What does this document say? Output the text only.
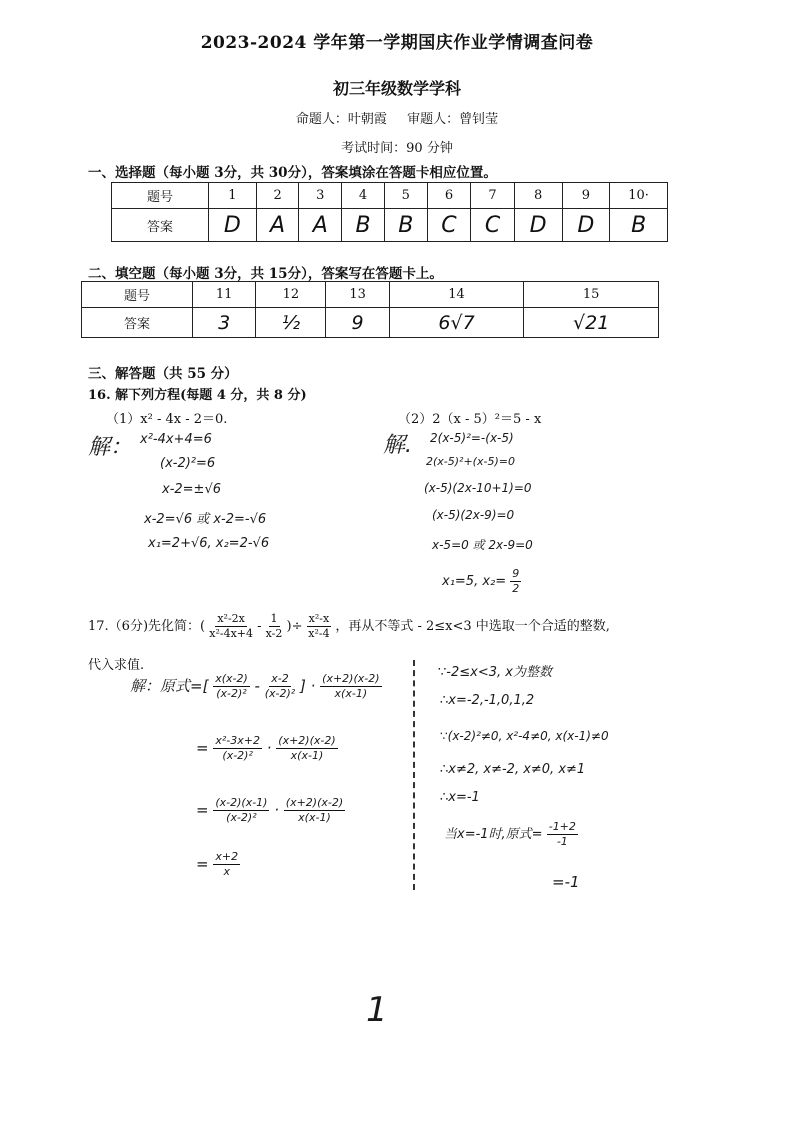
2023-2024 学年第一学期国庆作业学情调查问卷
初三年级数学学科
命题人：叶朝霞 审题人：曾钊莹
考试时间：90 分钟
一、选择题（每小题 3分，共 30分），答案填涂在答题卡相应位置。
题号	1	2	3	4	5	6	7	8	9	10·
答案	D	A	A	B	B	C	C	D	D	B
二、填空题（每小题 3分，共 15分），答案写在答题卡上。
题号	11	12	13	14	15
答案	3	½	9	6√7	√21
三、解答题（共 55 分）
16. 解下列方程(每题 4 分，共 8 分)
（1）x² - 4x - 2＝0.	（2）2（x - 5）²＝5 - x
解： x²-4x+4=6
(x-2)²=6
x-2=±√6
x-2=√6 或 x-2=-√6
x₁=2+√6, x₂=2-√6
解. 2(x-5)²=-(x-5)
2(x-5)²+(x-5)=0
(x-5)(2x-10+1)=0
(x-5)(2x-9)=0
x-5=0 或 2x-9=0
x₁=5, $x_2= \frac{9}{2}$
17.（6分)先化简：( $\frac{\text{x²-2x}}{\text{x²-4x+4}} - \frac{1}{x-2}$ )÷ $\frac{\text{x²-x}}{\text{x²-4}}$ ，再从不等式 - 2≤x<3 中选取一个合适的整数,
代入求值.
解：原式=[ $\frac{x(x-2)}{\text{(x-2)²}} - \frac{x-2}{\text{(x-2)²}}$ ] · $\frac{(x+2)(x-2)}{x(x-1)}$
= $\frac{\text{x²-3x+2}}{\text{(x-2)²}} \cdot \frac{(x+2)(x-2)}{x(x-1)}$
= $\frac{(x-2)(x-1)}{\text{(x-2)²}} \cdot \frac{(x+2)(x-2)}{x(x-1)}$
= $\frac{x+2}{x}$
∵-2≤x<3, x为整数
∴x=-2,-1,0,1,2
∵(x-2)²≠0, x²-4≠0, x(x-1)≠0
∴x≠2, x≠-2, x≠0, x≠1
∴x=-1
当x=-1时,原式= $\frac{-1+2}{-1}$
=-1
1
